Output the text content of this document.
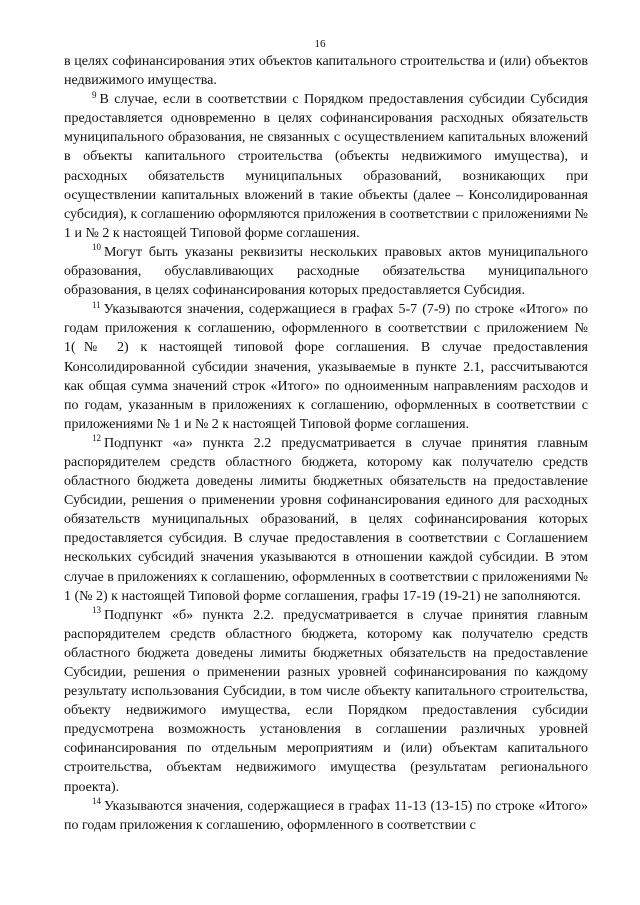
16

в целях софинансирования этих объектов капитального строительства и (или) объектов недвижимого имущества.

$^9$ В случае, если в соответствии с Порядком предоставления субсидии Субсидия предоставляется одновременно в целях софинансирования расходных обязательств муниципального образования, не связанных с осуществлением капитальных вложений в объекты капитального строительства (объекты недвижимого имущества), и расходных обязательств муниципальных образований, возникающих при осуществлении капитальных вложений в такие объекты (далее – Консолидированная субсидия), к соглашению оформляются приложения в соответствии с приложениями № 1 и № 2 к настоящей Типовой форме соглашения.

$^{10}$ Могут быть указаны реквизиты нескольких правовых актов муниципального образования, обуславливающих расходные обязательства муниципального образования, в целях софинансирования которых предоставляется Субсидия.

$^{11}$ Указываются значения, содержащиеся в графах 5-7 (7-9) по строке «Итого» по годам приложения к соглашению, оформленного в соответствии с приложением № 1(№ 2) к настоящей типовой форе соглашения. В случае предоставления Консолидированной субсидии значения, указываемые в пункте 2.1, рассчитываются как общая сумма значений строк «Итого» по одноименным направлениям расходов и по годам, указанным в приложениях к соглашению, оформленных в соответствии с приложениями № 1 и № 2 к настоящей Типовой форме соглашения.

$^{12}$ Подпункт «а» пункта 2.2 предусматривается в случае принятия главным распорядителем средств областного бюджета, которому как получателю средств областного бюджета доведены лимиты бюджетных обязательств на предоставление Субсидии, решения о применении уровня софинансирования единого для расходных обязательств муниципальных образований, в целях софинансирования которых предоставляется субсидия. В случае предоставления в соответствии с Соглашением нескольких субсидий значения указываются в отношении каждой субсидии. В этом случае в приложениях к соглашению, оформленных в соответствии с приложениями № 1 (№ 2) к настоящей Типовой форме соглашения, графы 17-19 (19-21) не заполняются.

$^{13}$ Подпункт «б» пункта 2.2. предусматривается в случае принятия главным распорядителем средств областного бюджета, которому как получателю средств областного бюджета доведены лимиты бюджетных обязательств на предоставление Субсидии, решения о применении разных уровней софинансирования по каждому результату использования Субсидии, в том числе объекту капитального строительства, объекту недвижимого имущества, если Порядком предоставления субсидии предусмотрена возможность установления в соглашении различных уровней софинансирования по отдельным мероприятиям и (или) объектам капитального строительства, объектам недвижимого имущества (результатам регионального проекта).

$^{14}$ Указываются значения, содержащиеся в графах 11-13 (13-15) по строке «Итого» по годам приложения к соглашению, оформленного в соответствии с
